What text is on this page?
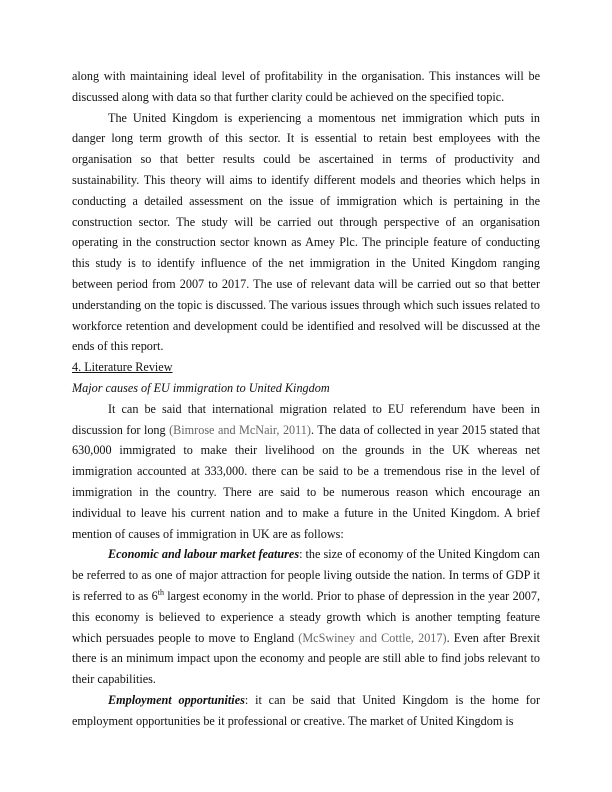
along with maintaining ideal level of profitability in the organisation. This instances will be discussed along with data so that further clarity could be achieved on the specified topic.

The United Kingdom is experiencing a momentous net immigration which puts in danger long term growth of this sector. It is essential to retain best employees with the organisation so that better results could be ascertained in terms of productivity and sustainability. This theory will aims to identify different models and theories which helps in conducting a detailed assessment on the issue of immigration which is pertaining in the construction sector. The study will be carried out through perspective of an organisation operating in the construction sector known as Amey Plc. The principle feature of conducting this study is to identify influence of the net immigration in the United Kingdom ranging between period from 2007 to 2017. The use of relevant data will be carried out so that better understanding on the topic is discussed. The various issues through which such issues related to workforce retention and development could be identified and resolved will be discussed at the ends of this report.

4. Literature Review

Major causes of EU immigration to United Kingdom

It can be said that international migration related to EU referendum have been in discussion for long (Bimrose and McNair, 2011). The data of collected in year 2015 stated that 630,000 immigrated to make their livelihood on the grounds in the UK whereas net immigration accounted at 333,000. there can be said to be a tremendous rise in the level of immigration in the country. There are said to be numerous reason which encourage an individual to leave his current nation and to make a future in the United Kingdom. A brief mention of causes of immigration in UK are as follows:

Economic and labour market features: the size of economy of the United Kingdom can be referred to as one of major attraction for people living outside the nation. In terms of GDP it is referred to as 6th largest economy in the world. Prior to phase of depression in the year 2007, this economy is believed to experience a steady growth which is another tempting feature which persuades people to move to England (McSwiney and Cottle, 2017). Even after Brexit there is an minimum impact upon the economy and people are still able to find jobs relevant to their capabilities.

Employment opportunities: it can be said that United Kingdom is the home for employment opportunities be it professional or creative. The market of United Kingdom is
